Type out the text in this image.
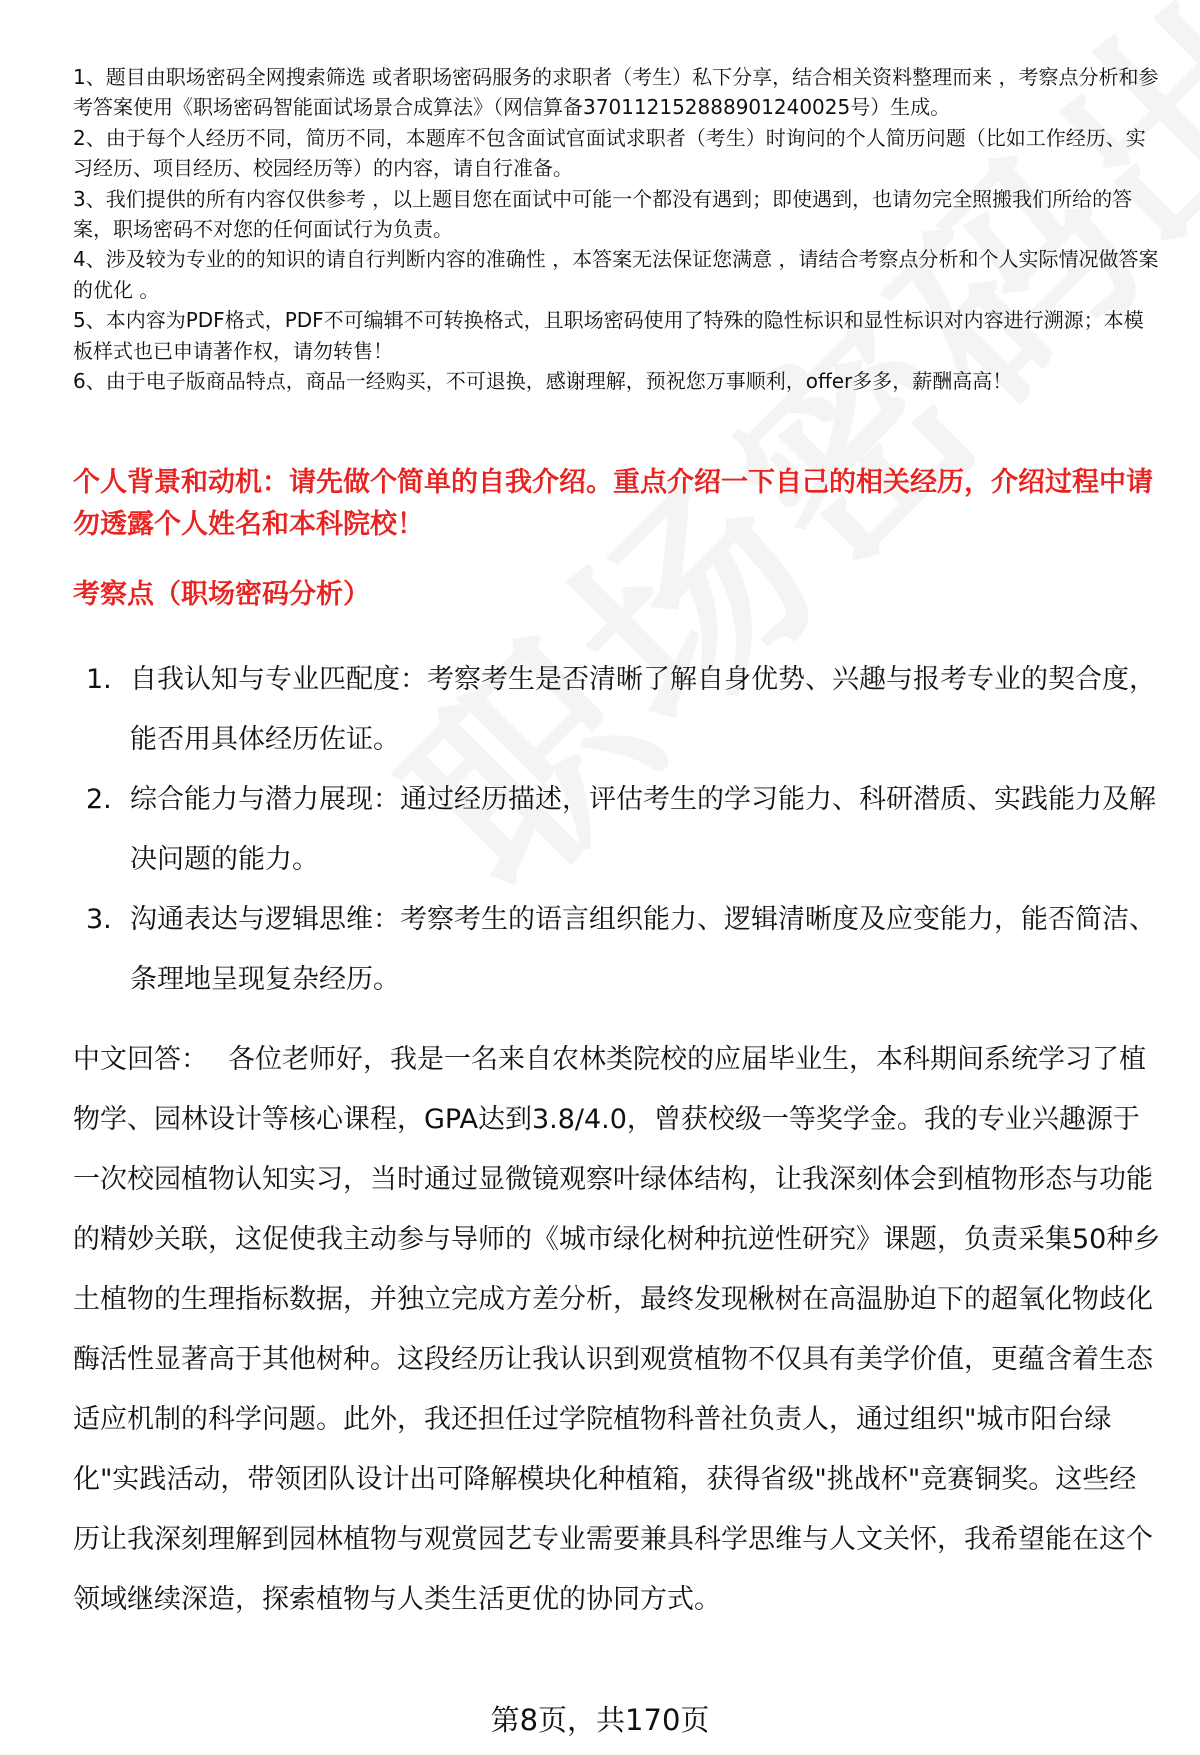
1、题目由职场密码全网搜索筛选 或者职场密码服务的求职者（考生）私下分享，结合相关资料整理而来 ，考察点分析和参考答案使用《职场密码智能面试场景合成算法》（网信算备370112152888901240025号）生成。
2、由于每个人经历不同，简历不同，本题库不包含面试官面试求职者（考生）时询问的个人简历问题（比如工作经历、实习经历、项目经历、校园经历等）的内容，请自行准备。
3、我们提供的所有内容仅供参考 ，以上题目您在面试中可能一个都没有遇到；即使遇到，也请勿完全照搬我们所给的答案，职场密码不对您的任何面试行为负责。
4、涉及较为专业的的知识的请自行判断内容的准确性 ，本答案无法保证您满意 ，请结合考察点分析和个人实际情况做答案的优化 。
5、本内容为PDF格式，PDF不可编辑不可转换格式，且职场密码使用了特殊的隐性标识和显性标识对内容进行溯源；本模板样式也已申请著作权，请勿转售！
6、由于电子版商品特点，商品一经购买，不可退换，感谢理解，预祝您万事顺利，offer多多，薪酬高高！

个人背景和动机：请先做个简单的自我介绍。重点介绍一下自己的相关经历，介绍过程中请勿透露个人姓名和本科院校！

考察点（职场密码分析）

1. 自我认知与专业匹配度：考察考生是否清晰了解自身优势、兴趣与报考专业的契合度，能否用具体经历佐证。
2. 综合能力与潜力展现：通过经历描述，评估考生的学习能力、科研潜质、实践能力及解决问题的能力。
3. 沟通表达与逻辑思维：考察考生的语言组织能力、逻辑清晰度及应变能力，能否简洁、条理地呈现复杂经历。

中文回答： 各位老师好，我是一名来自农林类院校的应届毕业生，本科期间系统学习了植物学、园林设计等核心课程，GPA达到3.8/4.0，曾获校级一等奖学金。我的专业兴趣源于一次校园植物认知实习，当时通过显微镜观察叶绿体结构，让我深刻体会到植物形态与功能的精妙关联，这促使我主动参与导师的《城市绿化树种抗逆性研究》课题，负责采集50种乡土植物的生理指标数据，并独立完成方差分析，最终发现楸树在高温胁迫下的超氧化物歧化酶活性显著高于其他树种。这段经历让我认识到观赏植物不仅具有美学价值，更蕴含着生态适应机制的科学问题。此外，我还担任过学院植物科普社负责人，通过组织"城市阳台绿化"实践活动，带领团队设计出可降解模块化种植箱，获得省级"挑战杯"竞赛铜奖。这些经历让我深刻理解到园林植物与观赏园艺专业需要兼具科学思维与人文关怀，我希望能在这个领域继续深造，探索植物与人类生活更优的协同方式。

第8页，共170页
